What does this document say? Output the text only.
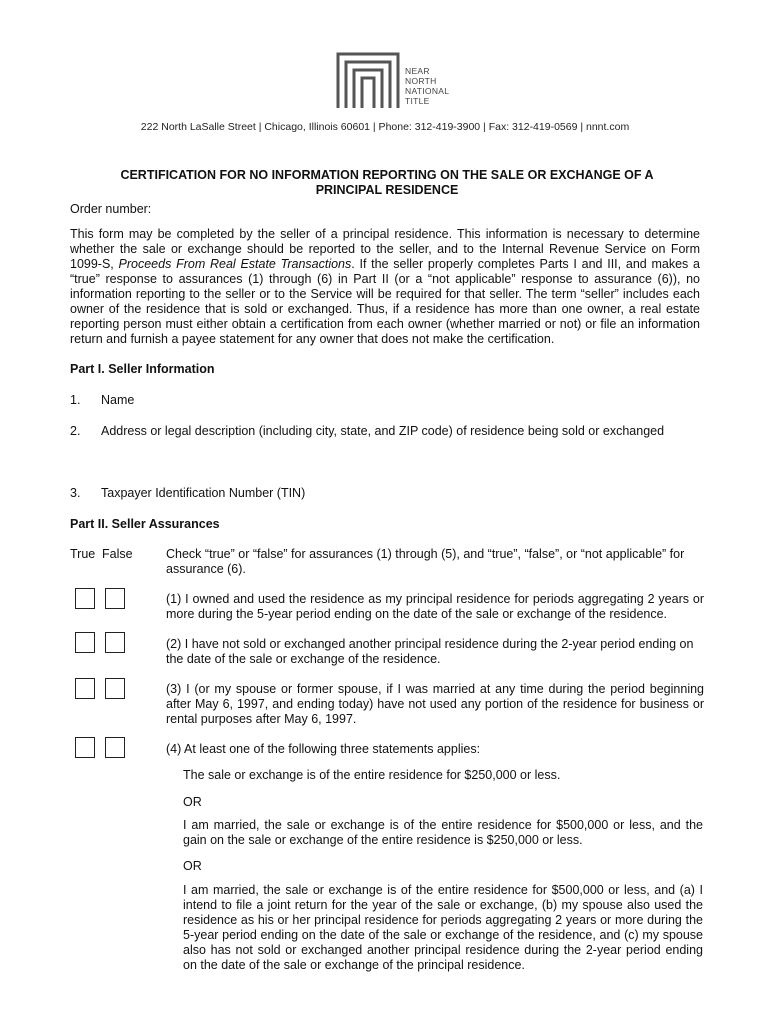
NEAR
NORTH
NATIONAL
TITLE
222 North LaSalle Street | Chicago, Illinois 60601 | Phone: 312-419-3900 | Fax: 312-419-0569 | nnnt.com
CERTIFICATION FOR NO INFORMATION REPORTING ON THE SALE OR EXCHANGE OF A
PRINCIPAL RESIDENCE
Order number:
This form may be completed by the seller of a principal residence. This information is necessary to determine whether the sale or exchange should be reported to the seller, and to the Internal Revenue Service on Form 1099-S, Proceeds From Real Estate Transactions. If the seller properly completes Parts I and III, and makes a “true” response to assurances (1) through (6) in Part II (or a “not applicable” response to assurance (6)), no information reporting to the seller or to the Service will be required for that seller. The term “seller” includes each owner of the residence that is sold or exchanged. Thus, if a residence has more than one owner, a real estate reporting person must either obtain a certification from each owner (whether married or not) or file an information return and furnish a payee statement for any owner that does not make the certification.
Part I. Seller Information
1. Name
2. Address or legal description (including city, state, and ZIP code) of residence being sold or exchanged
3. Taxpayer Identification Number (TIN)
Part II. Seller Assurances
True False	Check “true” or “false” for assurances (1) through (5), and “true”, “false”, or “not applicable” for assurance (6).
(1) I owned and used the residence as my principal residence for periods aggregating 2 years or more during the 5-year period ending on the date of the sale or exchange of the residence.
(2) I have not sold or exchanged another principal residence during the 2-year period ending on the date of the sale or exchange of the residence.
(3) I (or my spouse or former spouse, if I was married at any time during the period beginning after May 6, 1997, and ending today) have not used any portion of the residence for business or rental purposes after May 6, 1997.
(4) At least one of the following three statements applies:
The sale or exchange is of the entire residence for $250,000 or less.
OR
I am married, the sale or exchange is of the entire residence for $500,000 or less, and the gain on the sale or exchange of the entire residence is $250,000 or less.
OR
I am married, the sale or exchange is of the entire residence for $500,000 or less, and (a) I intend to file a joint return for the year of the sale or exchange, (b) my spouse also used the residence as his or her principal residence for periods aggregating 2 years or more during the 5-year period ending on the date of the sale or exchange of the residence, and (c) my spouse also has not sold or exchanged another principal residence during the 2-year period ending on the date of the sale or exchange of the principal residence.
